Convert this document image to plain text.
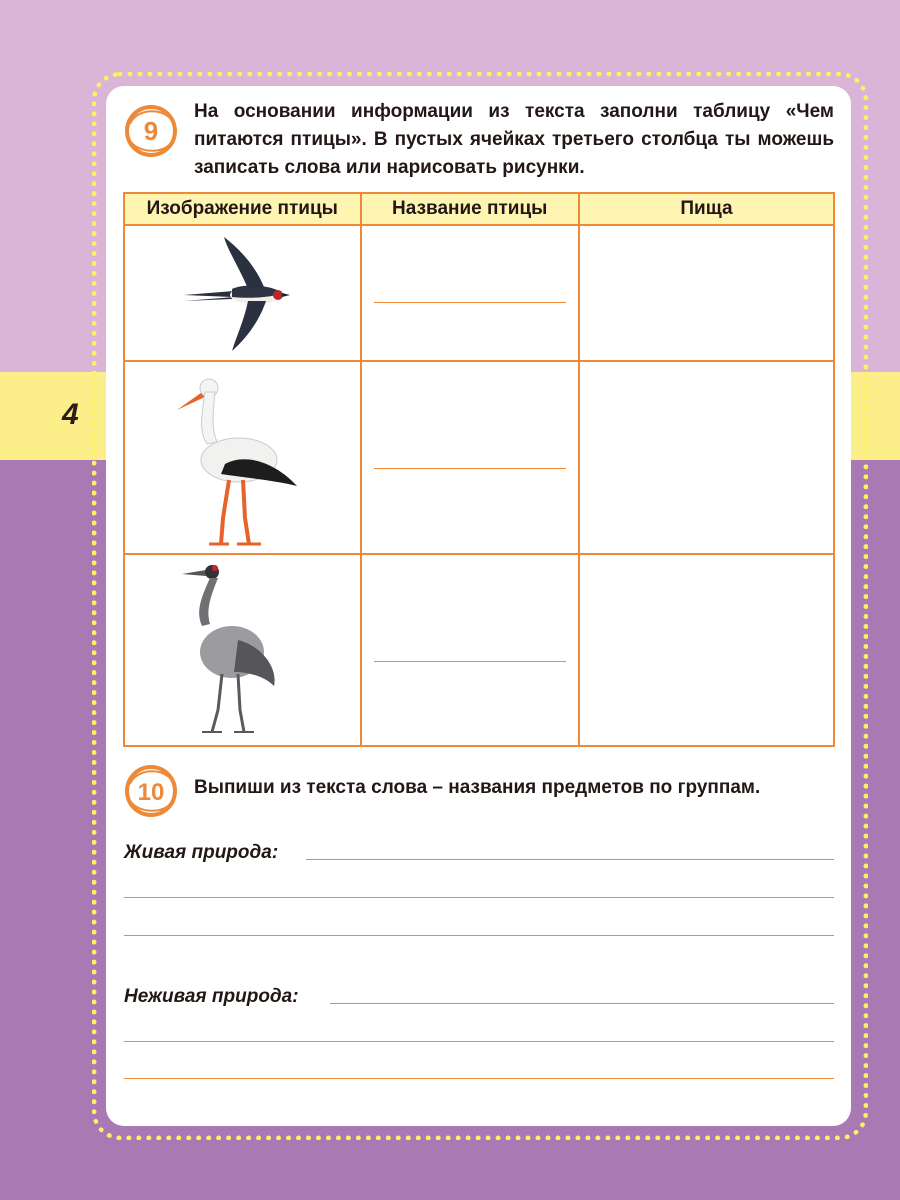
4
9
На основании информации из текста заполни таблицу «Чем питаются птицы». В пустых ячейках третьего столбца ты можешь записать слова или нарисовать рисунки.
Изображение птицы	Название птицы	Пища

10 Выпиши из текста слова – названия предметов по группам.
Живая природа:
Неживая природа:
